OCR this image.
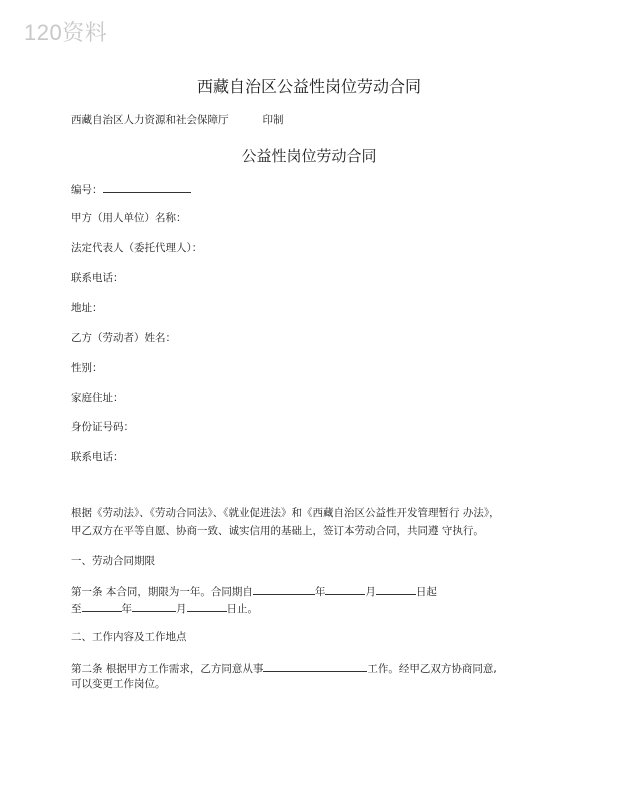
120资料
西藏自治区公益性岗位劳动合同
西藏自治区人力资源和社会保障厅	印制
公益性岗位劳动合同
编号：
甲方（用人单位）名称：
法定代表人（委托代理人）：
联系电话：
地址：
乙方（劳动者）姓名：
性别：
家庭住址：
身份证号码：
联系电话：
根据《劳动法》、《劳动合同法》、《就业促进法》和《西藏自治区公益性开发管理暂行 办法》，
甲乙双方在平等自愿、协商一致、诚实信用的基础上，签订本劳动合同，共同遵 守执行。
一、劳动合同期限
第一条 本合同，期限为一年。合同期自	年	月	日起
至	年	月	日止。
二、工作内容及工作地点
第二条 根据甲方工作需求，乙方同意从事	工作。经甲乙双方协商同意,
可以变更工作岗位。
